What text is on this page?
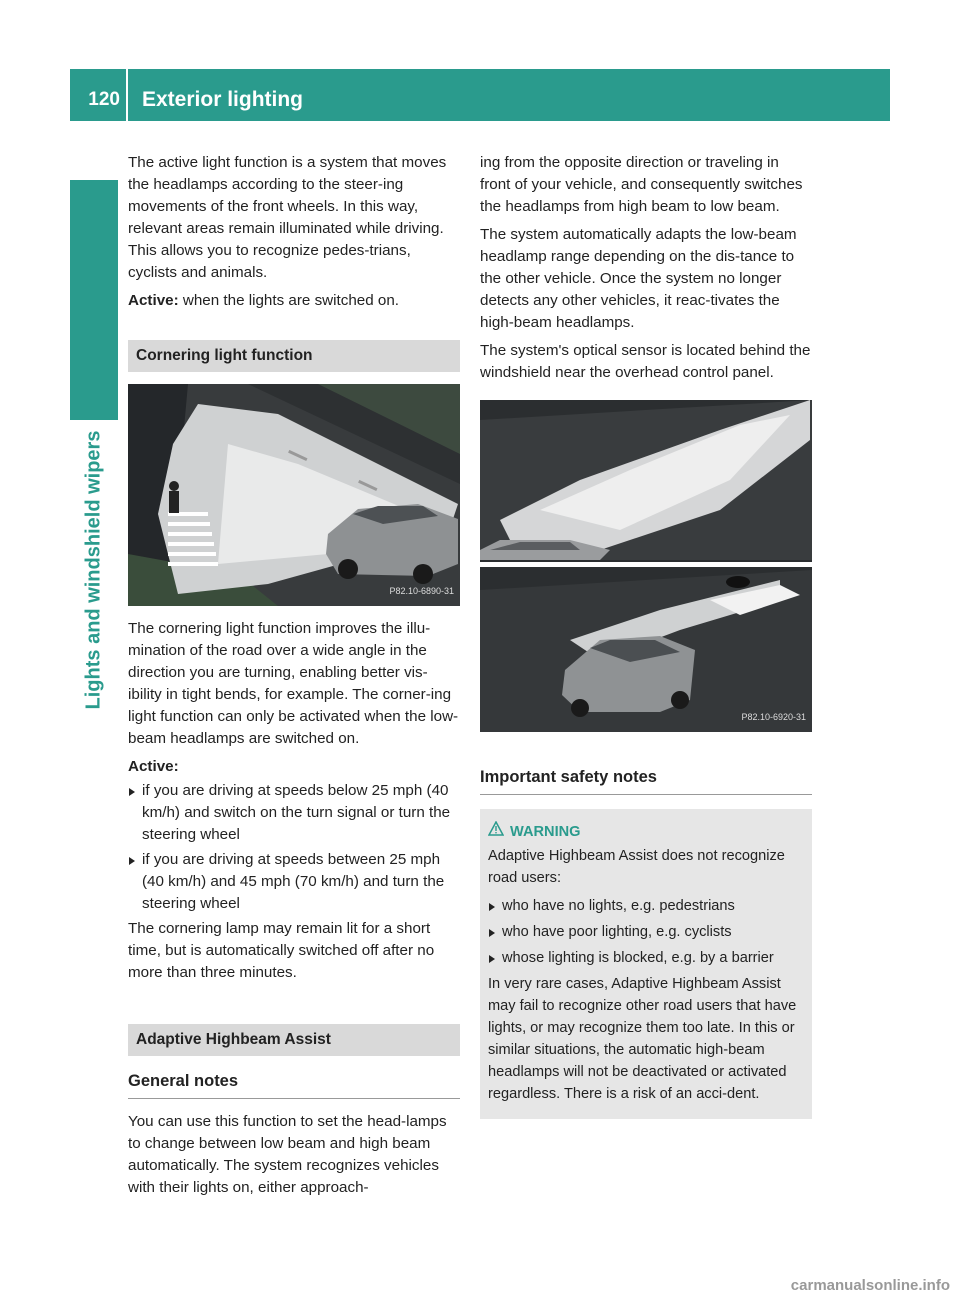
120	Exterior lighting
Lights and windshield wipers

The active light function is a system that moves the headlamps according to the steer-ing movements of the front wheels. In this way, relevant areas remain illuminated while driving. This allows you to recognize pedes-trians, cyclists and animals.

Active: when the lights are switched on.

Cornering light function
P82.10-6890-31

The cornering light function improves the illu-mination of the road over a wide angle in the direction you are turning, enabling better vis-ibility in tight bends, for example. The corner-ing light function can only be activated when the low-beam headlamps are switched on.

Active:

if you are driving at speeds below 25 mph (40 km/h) and switch on the turn signal or turn the steering wheel
if you are driving at speeds between 25 mph (40 km/h) and 45 mph (70 km/h) and turn the steering wheel

The cornering lamp may remain lit for a short time, but is automatically switched off after no more than three minutes.

Adaptive Highbeam Assist
General notes

You can use this function to set the head-lamps to change between low beam and high beam automatically. The system recognizes vehicles with their lights on, either approach-

ing from the opposite direction or traveling in front of your vehicle, and consequently switches the headlamps from high beam to low beam.

The system automatically adapts the low-beam headlamp range depending on the dis-tance to the other vehicle. Once the system no longer detects any other vehicles, it reac-tivates the high-beam headlamps.

The system's optical sensor is located behind the windshield near the overhead control panel.

P82.10-6920-31
Important safety notes
WARNING

Adaptive Highbeam Assist does not recognize road users:

who have no lights, e.g. pedestrians
who have poor lighting, e.g. cyclists
whose lighting is blocked, e.g. by a barrier

In very rare cases, Adaptive Highbeam Assist may fail to recognize other road users that have lights, or may recognize them too late. In this or similar situations, the automatic high-beam headlamps will not be deactivated or activated regardless. There is a risk of an acci-dent.

carmanualsonline.info
